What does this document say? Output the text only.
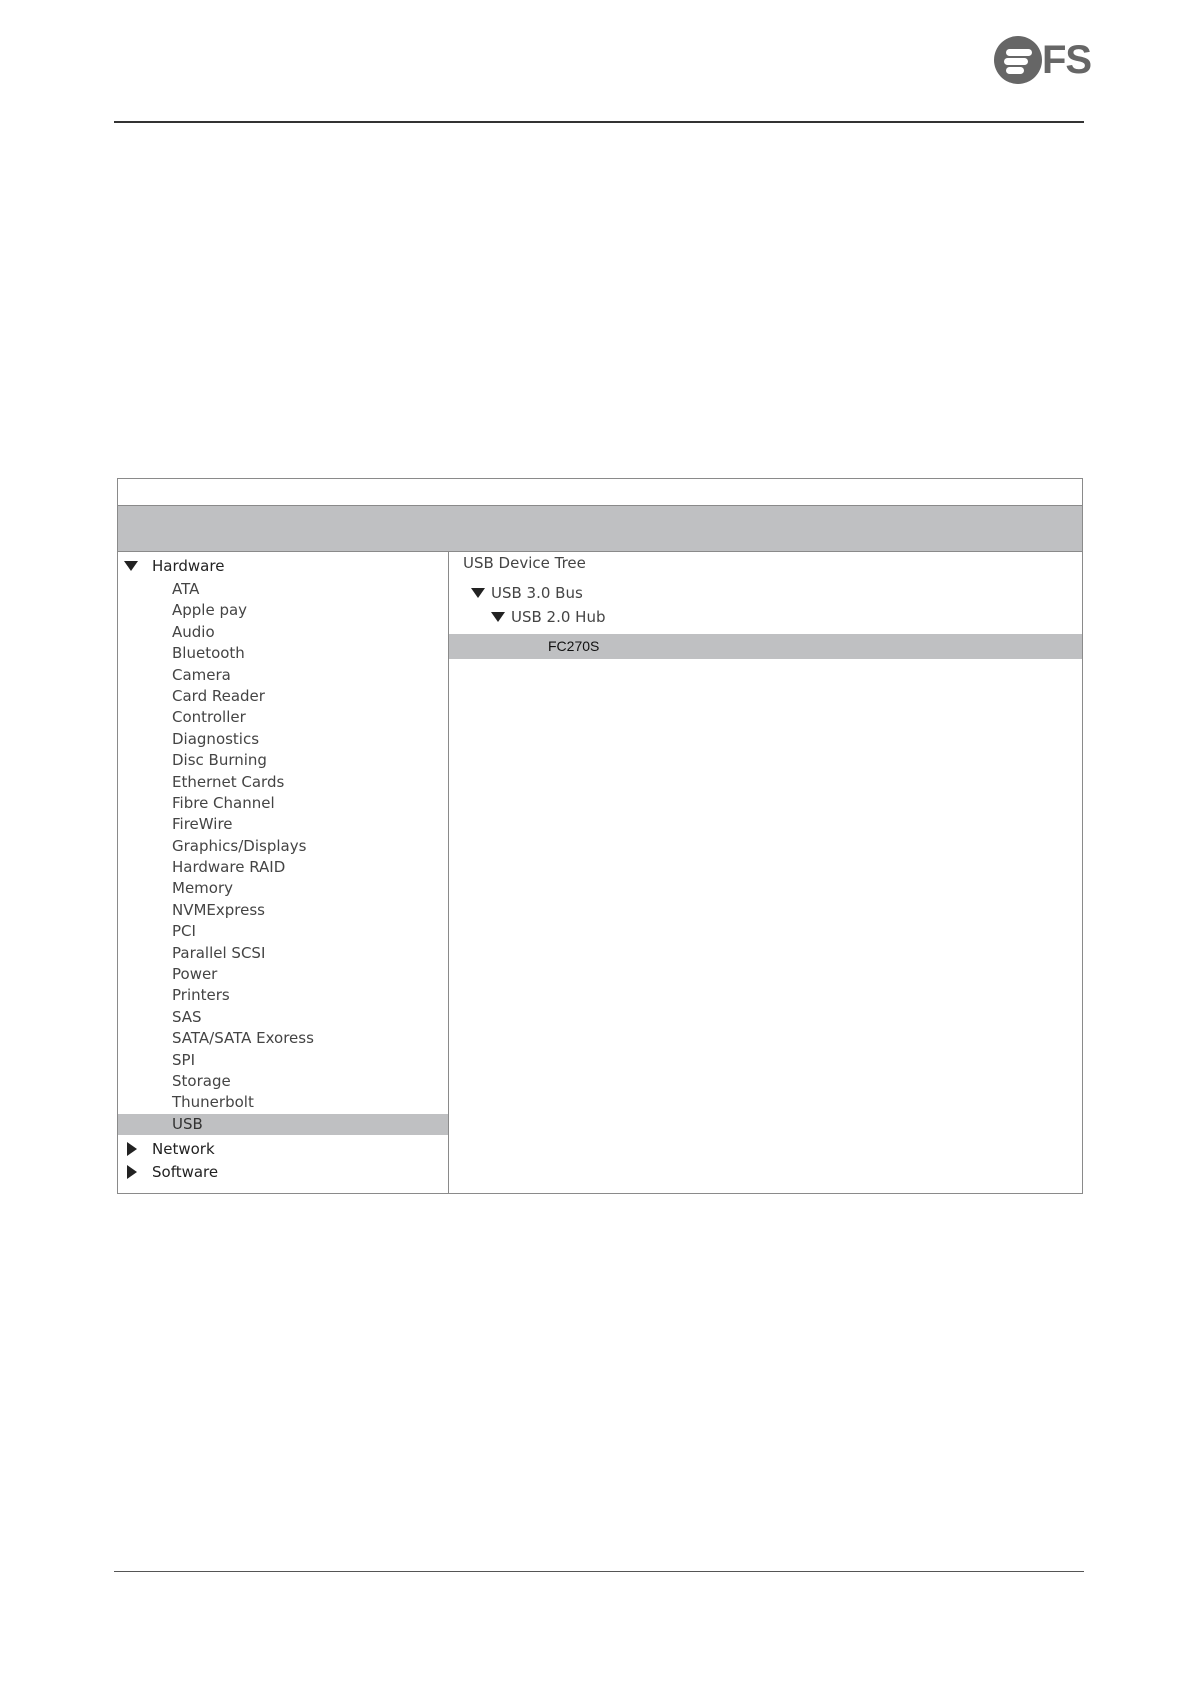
FS
Hardware
ATA
Apple pay
Audio
Bluetooth
Camera
Card Reader
Controller
Diagnostics
Disc Burning
Ethernet Cards
Fibre Channel
FireWire
Graphics/Displays
Hardware RAID
Memory
NVMExpress
PCI
Parallel SCSI
Power
Printers
SAS
SATA/SATA Exoress
SPI
Storage
Thunerbolt
USB
Network
Software
USB Device Tree
USB 3.0 Bus
USB 2.0 Hub
FC270S
